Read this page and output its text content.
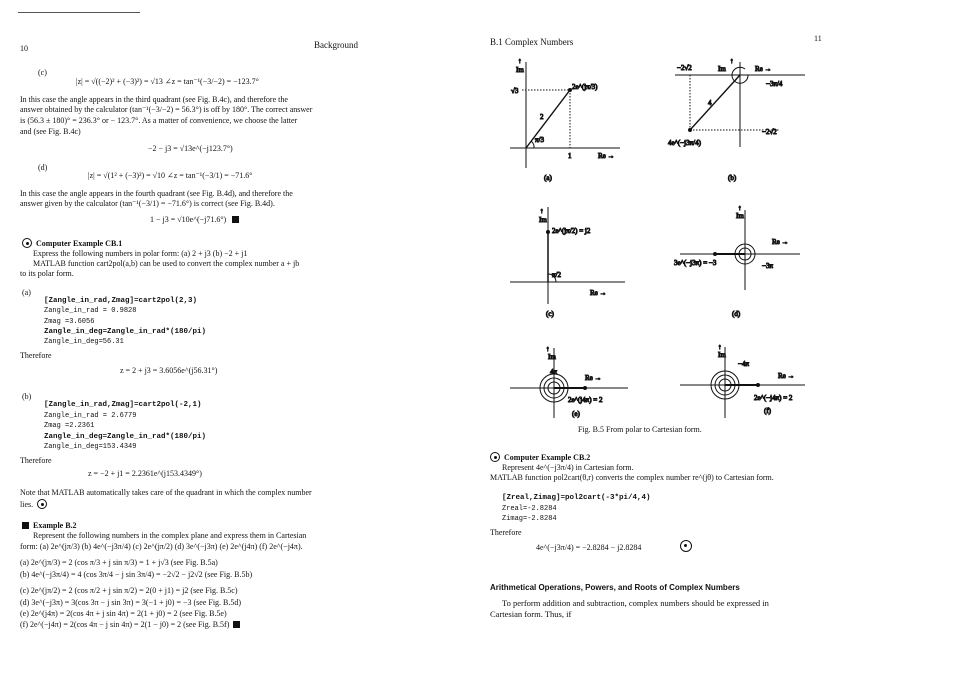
10	Background
(c)
|z| = √((−2)² + (−3)²) = √13 ∠z = tan⁻¹(−3/−2) = −123.7°
In this case the angle appears in the third quadrant (see Fig. B.4c), and therefore the
answer obtained by the calculator (tan⁻¹(−3/−2) = 56.3°) is off by 180°. The correct answer
is (56.3 ± 180)° = 236.3° or − 123.7°. As a matter of convenience, we choose the latter
and (see Fig. B.4c)
−2 − j3 = √13e^(−j123.7°)
(d)
|z| = √(1² + (−3)²) = √10 ∠z = tan⁻¹(−3/1) = −71.6°
In this case the angle appears in the fourth quadrant (see Fig. B.4d), and therefore the
answer given by the calculator (tan⁻¹(−3/1) = −71.6°) is correct (see Fig. B.4d).
1 − j3 = √10e^(−j71.6°)
Computer Example CB.1
Express the following numbers in polar form: (a) 2 + j3 (b) −2 + j1
MATLAB function cart2pol(a,b) can be used to convert the complex number a + jb
to its polar form.
(a)
[Zangle_in_rad,Zmag]=cart2pol(2,3)
Zangle_in_rad = 0.9828
Zmag =3.6056
Zangle_in_deg=Zangle_in_rad*(180/pi)
Zangle_in_deg=56.31
Therefore
z = 2 + j3 = 3.6056e^(j56.31°)
(b)
[Zangle_in_rad,Zmag]=cart2pol(-2,1)
Zangle_in_rad = 2.6779
Zmag =2.2361
Zangle_in_deg=Zangle_in_rad*(180/pi)
Zangle_in_deg=153.4349
Therefore
z = −2 + j1 = 2.2361e^(j153.4349°)
Note that MATLAB automatically takes care of the quadrant in which the complex number
lies.
Example B.2
Represent the following numbers in the complex plane and express them in Cartesian
form: (a) 2e^(jπ/3) (b) 4e^(−j3π/4) (c) 2e^(jπ/2) (d) 3e^(−j3π) (e) 2e^(j4π) (f) 2e^(−j4π).
(a) 2e^(jπ/3) = 2 (cos π/3 + j sin π/3) = 1 + j√3 (see Fig. B.5a)
(b) 4e^(−j3π/4) = 4 (cos 3π/4 − j sin 3π/4) = −2√2 − j2√2 (see Fig. B.5b)
(c) 2e^(jπ/2) = 2 (cos π/2 + j sin π/2) = 2(0 + j1) = j2 (see Fig. B.5c)
(d) 3e^(−j3π) = 3(cos 3π − j sin 3π) = 3(−1 + j0) = −3 (see Fig. B.5d)
(e) 2e^(j4π) = 2(cos 4π + j sin 4π) = 2(1 + j0) = 2 (see Fig. B.5e)
(f) 2e^(−j4π) = 2(cos 4π − j sin 4π) = 2(1 − j0) = 2 (see Fig. B.5f)
B.1 Complex Numbers	11
↑
Im
√3	2e^(jπ/3)
2
π/3
1	Re →
(a)
↑
Im	Re →
−2√2
−3π/4
4
4e^(−j3π/4)
−2√2
(b)
↑
Im
2e^(jπ/2) = j2
π/2
Re →
(c)
↑
Im
Re →
3e^(−j3π) = −3	−3π
(d)
↑
Im
4π
Re →
2e^(j4π) = 2
(e)
↑
Im
−4π
Re →
2e^(−j4π) = 2
(f)
Fig. B.5 From polar to Cartesian form.
Computer Example CB.2
Represent 4e^(−j3π/4) in Cartesian form.
MATLAB function pol2cart(θ,r) converts the complex number re^(jθ) to Cartesian form.
[Zreal,Zimag]=pol2cart(-3*pi/4,4)
Zreal=-2.8284
Zimag=-2.8284
Therefore
4e^(−j3π/4) = −2.8284 − j2.8284
Arithmetical Operations, Powers, and Roots of Complex Numbers
To perform addition and subtraction, complex numbers should be expressed in
Cartesian form. Thus, if
